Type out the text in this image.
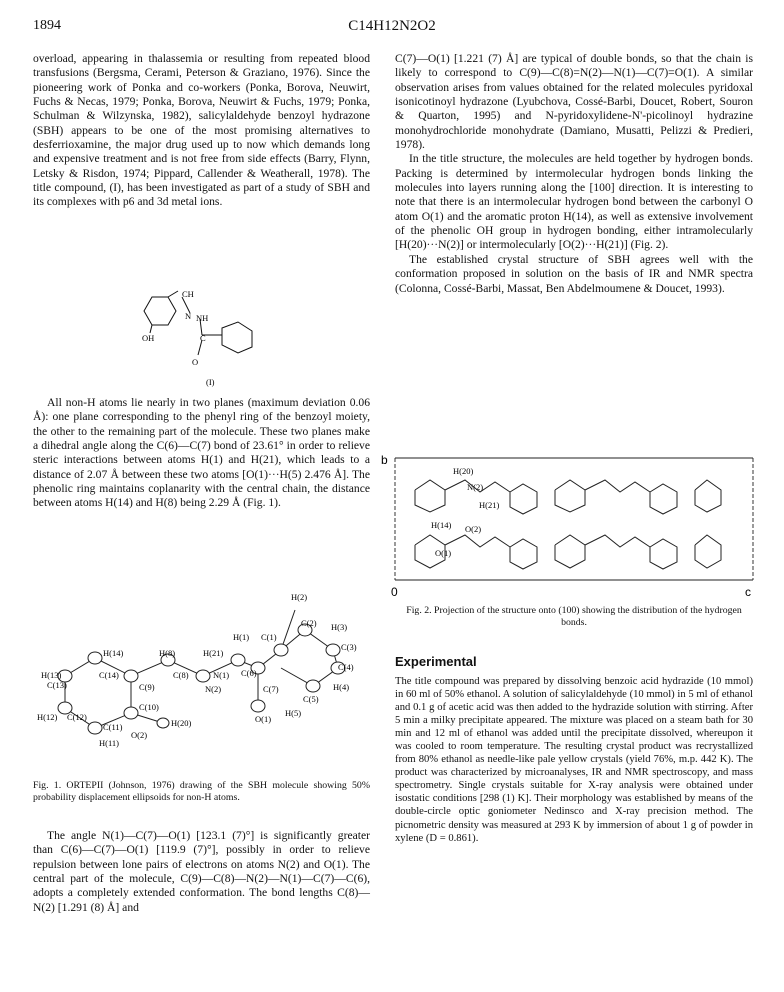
1894	C14H12N2O2

overload, appearing in thalassemia or resulting from repeated blood transfusions (Bergsma, Cerami, Peterson & Graziano, 1976). Since the pioneering work of Ponka and co-workers (Ponka, Borova, Neuwirt, Fuchs & Necas, 1979; Ponka, Borova, Neuwirt & Fuchs, 1979; Ponka, Schulman & Wilzynska, 1982), salicylaldehyde benzoyl hydrazone (SBH) appears to be one of the most promising alternatives to desferrioxamine, the major drug used up to now which demands long and expensive treatment and is not free from side effects (Barry, Flynn, Letsky & Risdon, 1974; Pippard, Callender & Weatherall, 1978). The title compound, (I), has been investigated as part of a study of SBH and its complexes with p6 and 3d metal ions.

CH
N NH
C
OH
O
(I)

All non-H atoms lie nearly in two planes (maximum deviation 0.06 Å): one plane corresponding to the phenyl ring of the benzoyl moiety, the other to the remaining part of the molecule. These two planes make a dihedral angle along the C(6)—C(7) bond of 23.61° in order to relieve steric interactions between atoms H(1) and H(21), which leads to a distance of 2.07 Å between these two atoms [O(1)···H(5) 2.476 Å]. The phenolic ring maintains coplanarity with the central chain, the distance between atoms H(14) and H(8) being 2.29 Å (Fig. 1).

H(2)
C(2) H(3)
H(1) C(1)
C(3)
H(14)	H(8)	H(21)
C(4)
N(1) C(6)
H(13)	C(14)	C(8)
C(13)	C(9)	N(2)	C(7)
C(5)
H(4)
C(10)
O(1)
H(5)
H(12) C(12)
C(11)	H(20)
O(2)
H(11)
Fig. 1. ORTEPII (Johnson, 1976) drawing of the SBH molecule showing 50% probability displacement ellipsoids for non-H atoms.

The angle N(1)—C(7)—O(1) [123.1 (7)°] is significantly greater than C(6)—C(7)—O(1) [119.9 (7)°], possibly in order to relieve repulsion between lone pairs of electrons on atoms N(2) and O(1). The central part of the molecule, C(9)—C(8)—N(2)—N(1)—C(7)—C(6), adopts a completely extended conformation. The bond lengths C(8)—N(2) [1.291 (8) Å] and

C(7)—O(1) [1.221 (7) Å] are typical of double bonds, so that the chain is likely to correspond to C(9)—C(8)=N(2)—N(1)—C(7)=O(1). A similar observation arises from values obtained for the related molecules pyridoxal isonicotinoyl hydrazone (Lyubchova, Cossé-Barbi, Doucet, Robert, Souron & Quarton, 1995) and N-pyridoxylidene-N'-picolinoyl hydrazine monohydrochloride monohydrate (Damiano, Musatti, Pelizzi & Predieri, 1978).

In the title structure, the molecules are held together by hydrogen bonds. Packing is determined by intermolecular hydrogen bonds linking the molecules into layers running along the [100] direction. It is interesting to note that there is an intermolecular hydrogen bond between the carbonyl O atom O(1) and the aromatic proton H(14), as well as extensive involvement of the phenolic OH group in hydrogen bonding, either intramolecularly [H(20)···N(2)] or intermolecularly [O(2)···H(21)] (Fig. 2).

The established crystal structure of SBH agrees well with the conformation proposed in solution on the basis of IR and NMR spectra (Colonna, Cossé-Barbi, Massat, Ben Abdelmoumene & Doucet, 1993).

b
0	c
H(20)
N(2)
H(21)
H(14) O(2)
O(1)
Fig. 2. Projection of the structure onto (100) showing the distribution of the hydrogen bonds.
Experimental

The title compound was prepared by dissolving benzoic acid hydrazide (10 mmol) in 60 ml of 50% ethanol. A solution of salicylaldehyde (10 mmol) in 5 ml of ethanol and 0.1 g of acetic acid was then added to the hydrazide solution with stirring. After 5 min a milky precipitate appeared. The mixture was placed on a steam bath for 30 min and 12 ml of ethanol was added until the precipitate dissolved, whereupon it was cooled to room temperature. The resulting crystal product was recrystallized from 80% ethanol as needle-like pale yellow crystals (yield 76%, m.p. 442 K). The product was characterized by microanalyses, IR and NMR spectroscopy, and mass spectrometry. Single crystals suitable for X-ray analysis were obtained under isostatic conditions [298 (1) K]. Their morphology was established by means of the double-circle optic goniometer Nedinsco and X-ray precision method. The picnometric density was measured at 293 K by immersion of about 1 g of powder in xylene (D = 0.861).
